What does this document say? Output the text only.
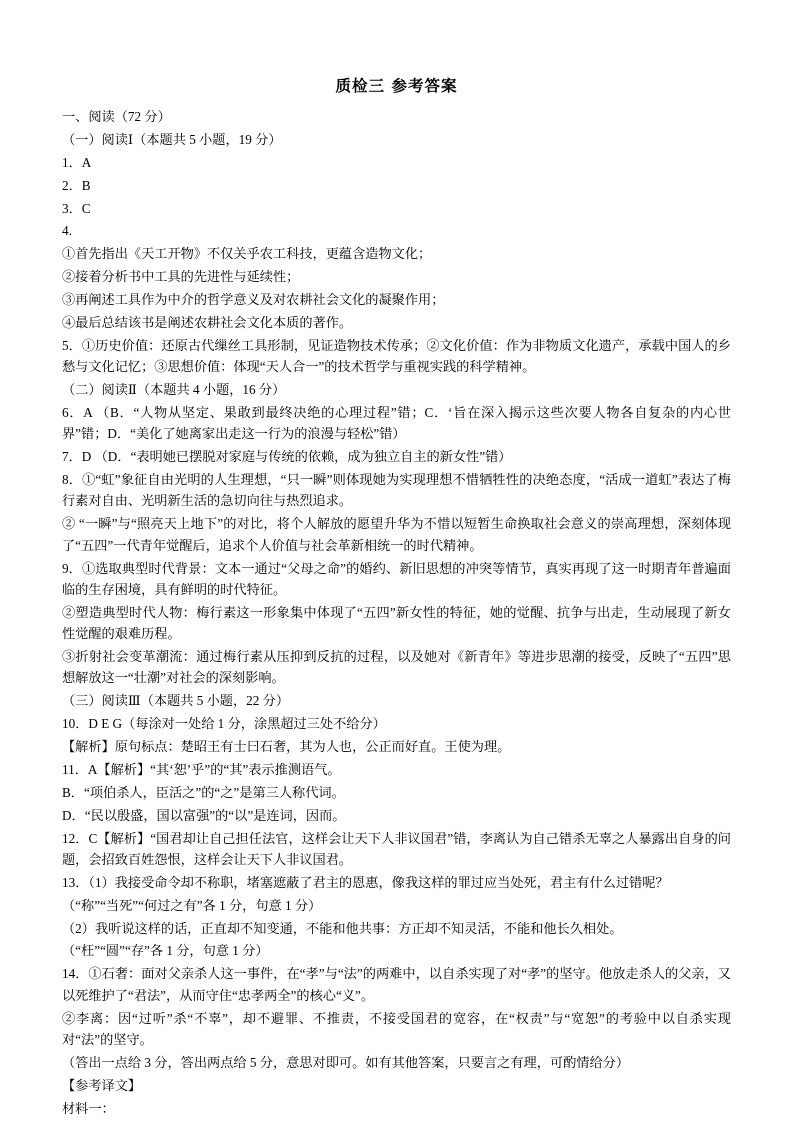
质检三 参考答案

一、阅读（72 分）

（一）阅读Ⅰ（本题共 5 小题，19 分）

1．A

2．B

3．C

4.

①首先指出《天工开物》不仅关乎农工科技，更蕴含造物文化；

②接着分析书中工具的先进性与延续性；

③再阐述工具作为中介的哲学意义及对农耕社会文化的凝聚作用；

④最后总结该书是阐述农耕社会文化本质的著作。

5．①历史价值：还原古代缫丝工具形制，见证造物技术传承；②文化价值：作为非物质文化遗产，承载中国人的乡愁与文化记忆；③思想价值：体现“天人合一”的技术哲学与重视实践的科学精神。

（二）阅读Ⅱ（本题共 4 小题，16 分）

6．A （B．“人物从坚定、果敢到最终决绝的心理过程”错；C．‘旨在深入揭示这些次要人物各自复杂的内心世界”错；D．“美化了她离家出走这一行为的浪漫与轻松”错）

7．D （D．“表明她已摆脱对家庭与传统的依赖，成为独立自主的新女性”错）

8．①“虹”象征自由光明的人生理想，“只一瞬”则体现她为实现理想不惜牺牲性的决绝态度，“活成一道虹”表达了梅行素对自由、光明新生活的急切向往与热烈追求。

② “一瞬”与“照亮天上地下”的对比，将个人解放的愿望升华为不惜以短暂生命换取社会意义的崇高理想，深刻体现了“五四”一代青年觉醒后，追求个人价值与社会革新相统一的时代精神。

9．①选取典型时代背景：文本一通过“父母之命”的婚约、新旧思想的冲突等情节，真实再现了这一时期青年普遍面临的生存困境，具有鲜明的时代特征。

②塑造典型时代人物：梅行素这一形象集中体现了“五四”新女性的特征，她的觉醒、抗争与出走，生动展现了新女性觉醒的艰难历程。

③折射社会变革潮流：通过梅行素从压抑到反抗的过程，以及她对《新青年》等进步思潮的接受，反映了“五四”思想解放这一“壮潮”对社会的深刻影响。

（三）阅读Ⅲ（本题共 5 小题，22 分）

10．D E G（每涂对一处给 1 分，涂黑超过三处不给分）

【解析】原句标点：楚昭王有士曰石奢，其为人也，公正而好直。王使为理。

11．A【解析】“其‘恕’乎”的“其”表示推测语气。

B．“项伯杀人，臣活之”的“之”是第三人称代词。

D．“民以殷盛，国以富强”的“以”是连词，因而。

12．C【解析】“国君却让自己担任法官，这样会让天下人非议国君”错，李离认为自己错杀无辜之人暴露出自身的问题，会招致百姓怨恨，这样会让天下人非议国君。

13．（1）我接受命令却不称职，堵塞遮蔽了君主的恩惠，像我这样的罪过应当处死，君主有什么过错呢？

（“称”“当死”“何过之有”各 1 分，句意 1 分）

（2）我听说这样的话，正直却不知变通，不能和他共事：方正却不知灵活，不能和他长久相处。

（“枉”“圆”“存”各 1 分，句意 1 分）

14．①石奢：面对父亲杀人这一事件，在“孝”与“法”的两难中，以自杀实现了对“孝”的坚守。他放走杀人的父亲，又以死维护了“君法”，从而守住“忠孝两全”的核心“义”。

②李离：因“过听”杀“不辜”，却不避罪、不推责，不接受国君的宽容，在“权责”与“宽恕”的考验中以自杀实现对“法”的坚守。

（答出一点给 3 分，答出两点给 5 分，意思对即可。如有其他答案，只要言之有理，可酌情给分）

【参考译文】

材料一：
